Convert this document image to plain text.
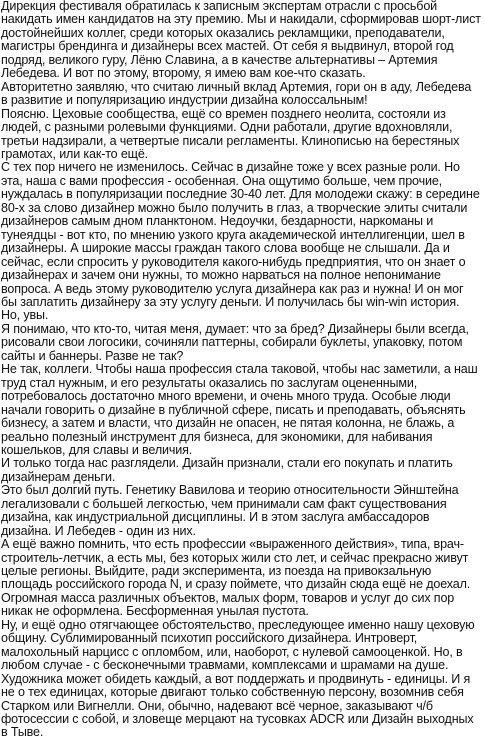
Дирекция фестиваля обратилась к записным экспертам отрасли с просьбой накидать имен кандидатов на эту премию. Мы и накидали, сформировав шорт-лист достойнейших коллег, среди которых оказались рекламщики, преподаватели, магистры брендинга и дизайнеры всех мастей. От себя я выдвинул, второй год подряд, великого гуру, Лёню Славина, а в качестве альтернативы – Артемия Лебедева. И вот по этому, второму, я имею вам кое-что сказать.

Авторитетно заявляю, что считаю личный вклад Артемия, гори он в аду, Лебедева в развитие и популяризацию индустрии дизайна колоссальным!

Поясню. Цеховые сообщества, ещё со времен позднего неолита, состояли из людей, с разными ролевыми функциями. Одни работали, другие вдохновляли, третьи надзирали, а четвертые писали регламенты. Клинописью на берестяных грамотах, или как-то ещё.

С тех пор ничего не изменилось. Сейчас в дизайне тоже у всех разные роли. Но эта, наша с вами профессия - особенная. Она ощутимо больше, чем прочие, нуждалась в популяризации последние 30-40 лет. Для молодежи скажу: в середине 80-х за слово дизайнер можно было получить в глаз, а творческие элиты считали дизайнеров самым дном планктоном. Недоучки, бездарности, наркоманы и тунеядцы - вот кто, по мнению узкого круга академической интеллигенции, шел в дизайнеры. А широкие массы граждан такого слова вообще не слышали. Да и сейчас, если спросить у руководителя какого-нибудь предприятия, что он знает о дизайнерах и зачем они нужны, то можно нарваться на полное непонимание вопроса. А ведь этому руководителю услуга дизайнера как раз и нужна! И он мог бы заплатить дизайнеру за эту услугу деньги. И получилась бы win-win история. Но, увы.

Я понимаю, что кто-то, читая меня, думает: что за бред? Дизайнеры были всегда, рисовали свои логосики, сочиняли паттерны, собирали буклеты, упаковку, потом сайты и баннеры. Разве не так?

Не так, коллеги. Чтобы наша профессия стала таковой, чтобы нас заметили, а наш труд стал нужным, и его результаты оказались по заслугам оцененными, потребовалось достаточно много времени, и очень много труда. Особые люди начали говорить о дизайне в публичной сфере, писать и преподавать, объяснять бизнесу, а затем и власти, что дизайн не опасен, не пятая колонна, не блажь, а реально полезный инструмент для бизнеса, для экономики, для набивания кошельков, для славы и величия.

И только тогда нас разглядели. Дизайн признали, стали его покупать и платить дизайнерам деньги.

Это был долгий путь. Генетику Вавилова и теорию относительности Эйнштейна легализовали с большей легкостью, чем принимали сам факт существования дизайна, как индустриальной дисциплины. И в этом заслуга амбассадоров дизайна. И Лебедев - один из них.

А ещё важно помнить, что есть профессии «выраженного действия», типа, врач-строитель-летчик, а есть мы, без которых жили сто лет, и сейчас прекрасно живут целые регионы. Выйдите, ради эксперимента, из поезда на привокзальную площадь российского города N, и сразу поймете, что дизайн сюда ещё не доехал. Огромная масса различных объектов, малых форм, товаров и услуг до сих пор никак не оформлена. Бесформенная унылая пустота.

Ну, и ещё одно отягчающее обстоятельство, преследующее именно нашу цеховую общину. Сублимированный психотип российского дизайнера. Интроверт, малохольный нарцисс с опломбом, или, наоборот, с нулевой самооценкой. Но, в любом случае - с бесконечными травмами, комплексами и шрамами на душе. Художника может обидеть каждый, а вот поддержать и продвинуть - единицы. И я не о тех единицах, которые двигают только собственную персону, возомнив себя Старком или Вигнелли. Они, обычно, надевают всё черное, заказывают ч/б фотосессии с собой, и зловеще мерцают на тусовках ADCR или Дизайн выходных в Тыве.
